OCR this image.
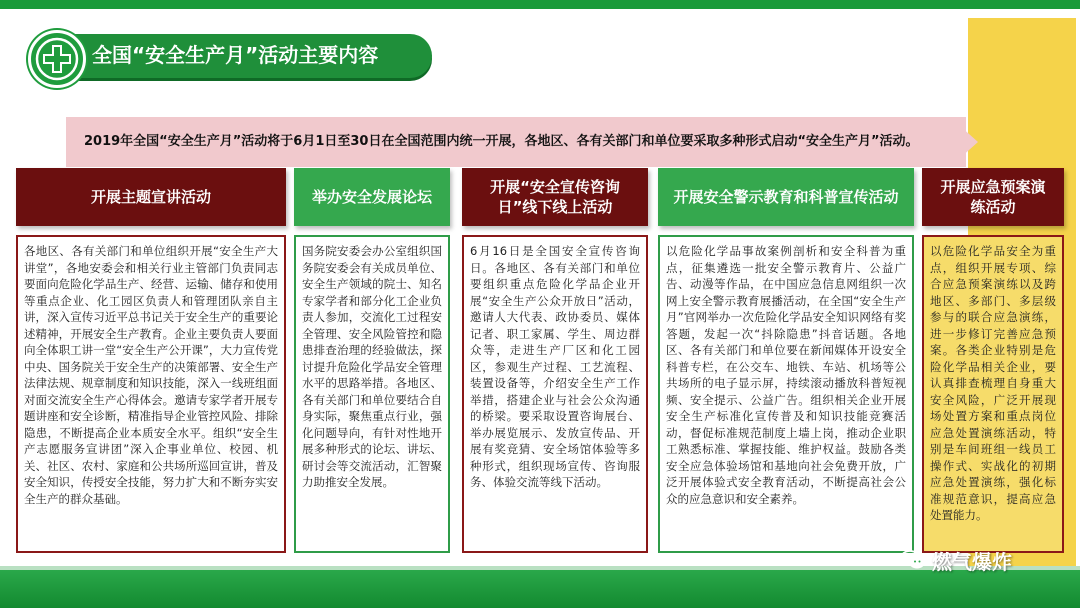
全国“安全生产月”活动主要内容
2019年全国“安全生产月”活动将于6月1日至30日在全国范围内统一开展，各地区、各有关部门和单位要采取多种形式启动“安全生产月”活动。
开展主题宣讲活动	举办安全发展论坛
开展“安全宣传咨询日”线下线上活动
开展安全警示教育和科普宣传活动
开展应急预案演练活动
各地区、各有关部门和单位组织开展“安全生产大讲堂”，各地安委会和相关行业主管部门负责同志要面向危险化学品生产、经营、运输、储存和使用等重点企业、化工园区负责人和管理团队亲自主讲，深入宣传习近平总书记关于安全生产的重要论述精神，开展安全生产教育。企业主要负责人要面向全体职工讲一堂“安全生产公开课”，大力宣传党中央、国务院关于安全生产的决策部署、安全生产法律法规、规章制度和知识技能，深入一线班组面对面交流安全生产心得体会。邀请专家学者开展专题讲座和安全诊断，精准指导企业管控风险、排除隐患，不断提高企业本质安全水平。组织“安全生产志愿服务宣讲团”深入企事业单位、校园、机关、社区、农村、家庭和公共场所巡回宣讲，普及安全知识，传授安全技能，努力扩大和不断夯实安全生产的群众基础。
国务院安委会办公室组织国务院安委会有关成员单位、安全生产领域的院士、知名专家学者和部分化工企业负责人参加，交流化工过程安全管理、安全风险管控和隐患排查治理的经验做法，探讨提升危险化学品安全管理水平的思路举措。各地区、各有关部门和单位要结合自身实际，聚焦重点行业，强化问题导向，有针对性地开展多种形式的论坛、讲坛、研讨会等交流活动，汇智聚力助推安全发展。
6月16日是全国安全宣传咨询日。各地区、各有关部门和单位要组织重点危险化学品企业开展“安全生产公众开放日”活动，邀请人大代表、政协委员、媒体记者、职工家属、学生、周边群众等，走进生产厂区和化工园区，参观生产过程、工艺流程、装置设备等，介绍安全生产工作举措，搭建企业与社会公众沟通的桥梁。要采取设置咨询展台、举办展览展示、发放宣传品、开展有奖竞猜、安全场馆体验等多种形式，组织现场宣传、咨询服务、体验交流等线下活动。
以危险化学品事故案例剖析和安全科普为重点，征集遴选一批安全警示教育片、公益广告、动漫等作品，在中国应急信息网组织一次网上安全警示教育展播活动，在全国“安全生产月”官网举办一次危险化学品安全知识网络有奖答题，发起一次“抖除隐患”抖音话题。各地区、各有关部门和单位要在新闻媒体开设安全科普专栏，在公交车、地铁、车站、机场等公共场所的电子显示屏，持续滚动播放科普短视频、安全提示、公益广告。组织相关企业开展安全生产标准化宣传普及和知识技能竞赛活动，督促标准规范制度上墙上岗，推动企业职工熟悉标准、掌握技能、维护权益。鼓励各类安全应急体验场馆和基地向社会免费开放，广泛开展体验式安全教育活动，不断提高社会公众的应急意识和安全素养。
以危险化学品安全为重点，组织开展专项、综合应急预案演练以及跨地区、多部门、多层级参与的联合应急演练，进一步修订完善应急预案。各类企业特别是危险化学品相关企业，要认真排查梳理自身重大安全风险，广泛开展现场处置方案和重点岗位应急处置演练活动，特别是车间班组一线员工操作式、实战化的初期应急处置演练，强化标准规范意识，提高应急处置能力。
燃气爆炸
